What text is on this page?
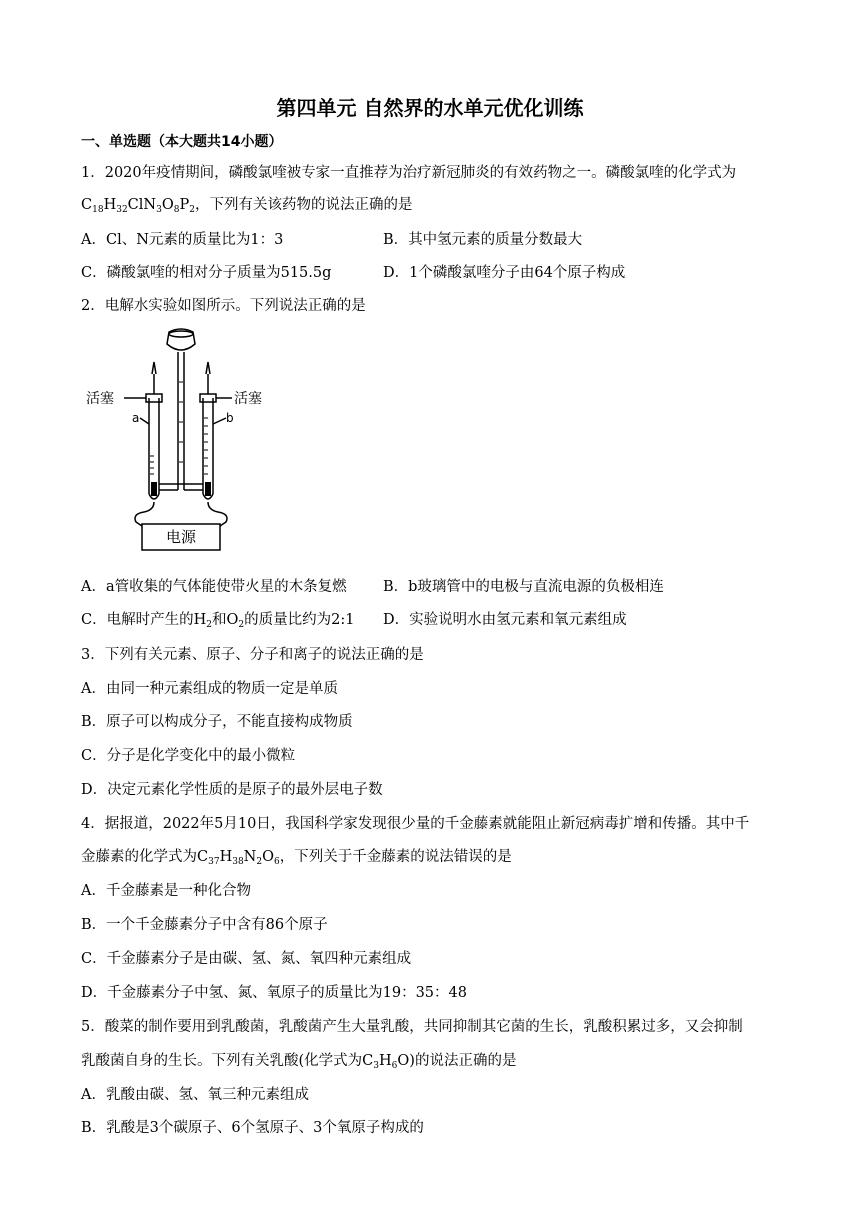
第四单元 自然界的水单元优化训练
一、单选题（本大题共14小题）
1．2020年疫情期间，磷酸氯喹被专家一直推荐为治疗新冠肺炎的有效药物之一。磷酸氯喹的化学式为
$C_{18}H_{32}ClN_3O_8P_2$，下列有关该药物的说法正确的是
A．Cl、N元素的质量比为1：3	B．其中氢元素的质量分数最大
C．磷酸氯喹的相对分子质量为515.5g	D．1个磷酸氯喹分子由64个原子构成
2．电解水实验如图所示。下列说法正确的是
活塞	活塞
a	b
电源
A．a管收集的气体能使带火星的木条复燃	B．b玻璃管中的电极与直流电源的负极相连
C．电解时产生的$H_2$和$O_2$的质量比约为2:1 D．实验说明水由氢元素和氧元素组成
3．下列有关元素、原子、分子和离子的说法正确的是
A．由同一种元素组成的物质一定是单质
B．原子可以构成分子，不能直接构成物质
C．分子是化学变化中的最小微粒
D．决定元素化学性质的是原子的最外层电子数
4．据报道，2022年5月10日，我国科学家发现很少量的千金藤素就能阻止新冠病毒扩增和传播。其中千
金藤素的化学式为$C_{37}H_{38}N_2O_6$，下列关于千金藤素的说法错误的是
A．千金藤素是一种化合物
B．一个千金藤素分子中含有86个原子
C．千金藤素分子是由碳、氢、氮、氧四种元素组成
D．千金藤素分子中氢、氮、氧原子的质量比为19：35：48
5．酸菜的制作要用到乳酸菌，乳酸菌产生大量乳酸，共同抑制其它菌的生长，乳酸积累过多，又会抑制
乳酸菌自身的生长。下列有关乳酸(化学式为$C_3H_6O$)的说法正确的是
A．乳酸由碳、氢、氧三种元素组成
B．乳酸是3个碳原子、6个氢原子、3个氧原子构成的
